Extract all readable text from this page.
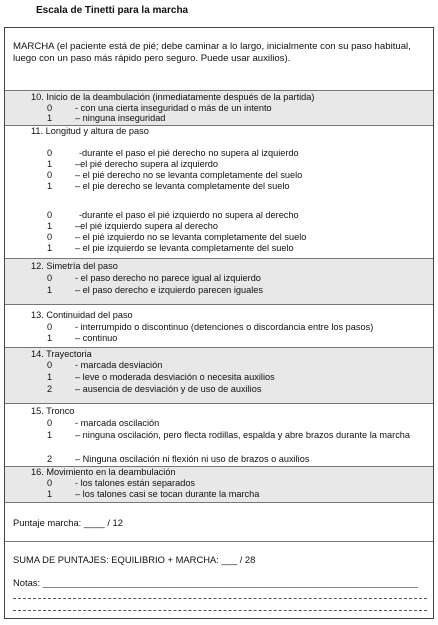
Escala de Tinetti para la marcha
MARCHA (el paciente está de pié; debe caminar a lo largo, inicialmente con su paso habitual, luego con un paso más rápido pero seguro. Puede usar auxilios).
10. Inicio de la deambulación (inmediatamente después de la partida)
0	- con una cierta inseguridad o más de un intento
1	– ninguna inseguridad
11. Longitud y altura de paso
0	-durante el paso el pié derecho no supera al izquierdo
1	–el pié derecho supera al izquierdo
0	– el pié derecho no se levanta completamente del suelo
1	– el pie derecho se levanta completamente del suelo
0	-durante el paso el pié izquierdo no supera al derecho
1	–el pié izquierdo supera al derecho
0	– el pié izquierdo no se levanta completamente del suelo
1	– el pie izquierdo se levanta completamente del suelo
12. Simetría del paso
0	- el paso derecho no parece igual al izquierdo
1	– el paso derecho e izquierdo parecen iguales
13. Continuidad del paso
0	- interrumpido o discontinuo (detenciones o discordancia entre los pasos)
1	– continuo
14. Trayectoria
0	- marcada desviación
1	– leve o moderada desviación o necesita auxilios
2	– ausencia de desviación y de uso de auxilios
15. Tronco
0	- marcada oscilación
1	– ninguna oscilación, pero flecta rodillas, espalda y abre brazos durante la marcha
2	– Ninguna oscilación ni flexión ni uso de brazos o auxilios
16. Movimiento en la deambulación
0	- los talones están separados
1	– los talones casi se tocan durante la marcha
Puntaje marcha: ____ / 12
SUMA DE PUNTAJES: EQUILIBRIO + MARCHA: ___ / 28
Notas: ________________________________________________________________________
